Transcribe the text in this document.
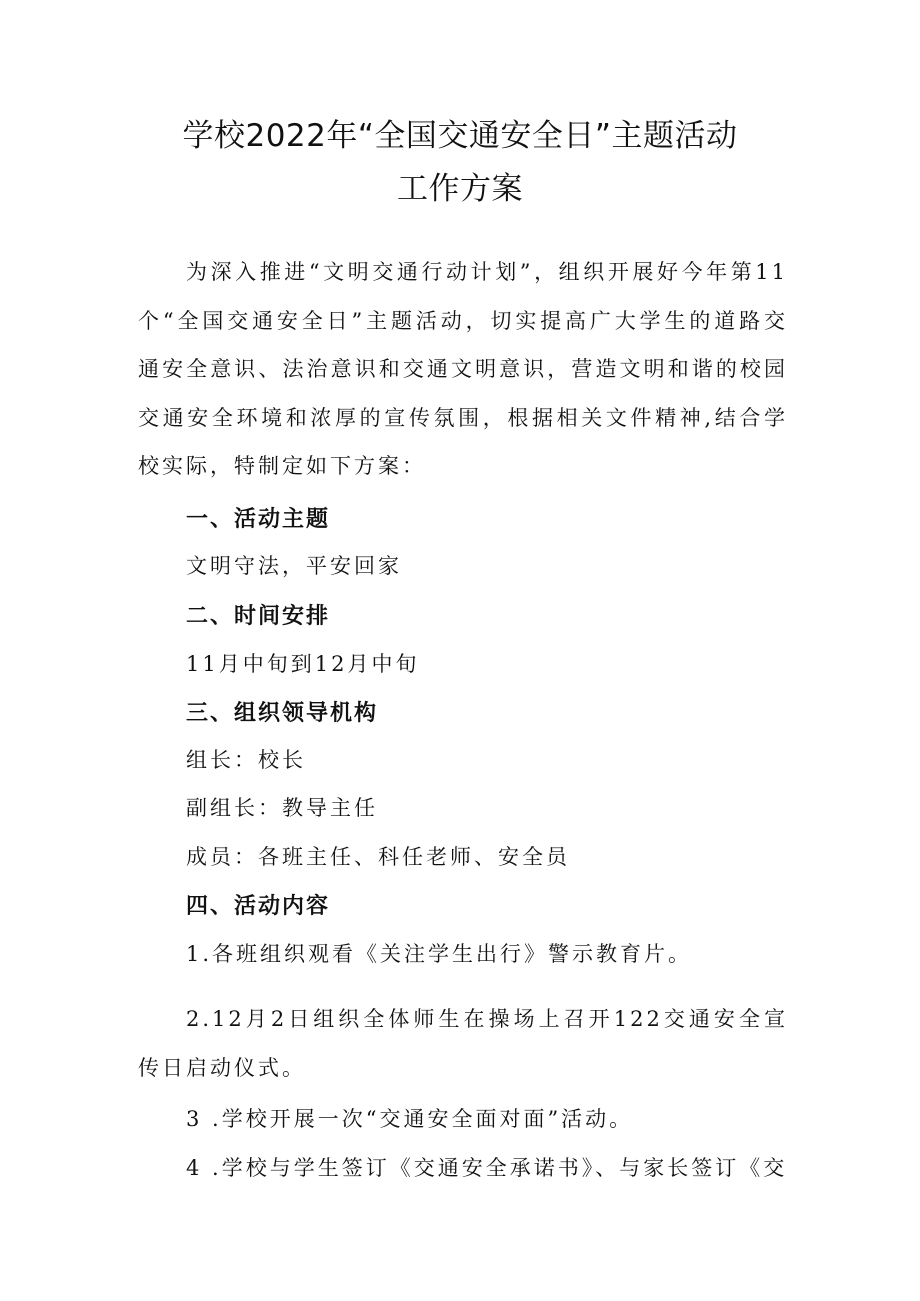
学校2022年“全国交通安全日”主题活动
工作方案

为深入推进“文明交通行动计划”，组织开展好今年第11个“全国交通安全日”主题活动，切实提高广大学生的道路交通安全意识、法治意识和交通文明意识，营造文明和谐的校园交通安全环境和浓厚的宣传氛围，根据相关文件精神,结合学校实际，特制定如下方案：

一、活动主题
文明守法，平安回家
二、时间安排
11月中旬到12月中旬
三、组织领导机构
组长：校长
副组长：教导主任
成员：各班主任、科任老师、安全员
四、活动内容
1.各班组织观看《关注学生出行》警示教育片。

2.12月2日组织全体师生在操场上召开122交通安全宣传日启动仪式。

3 .学校开展一次“交通安全面对面”活动。
4 .学校与学生签订《交通安全承诺书》、与家长签订《交
